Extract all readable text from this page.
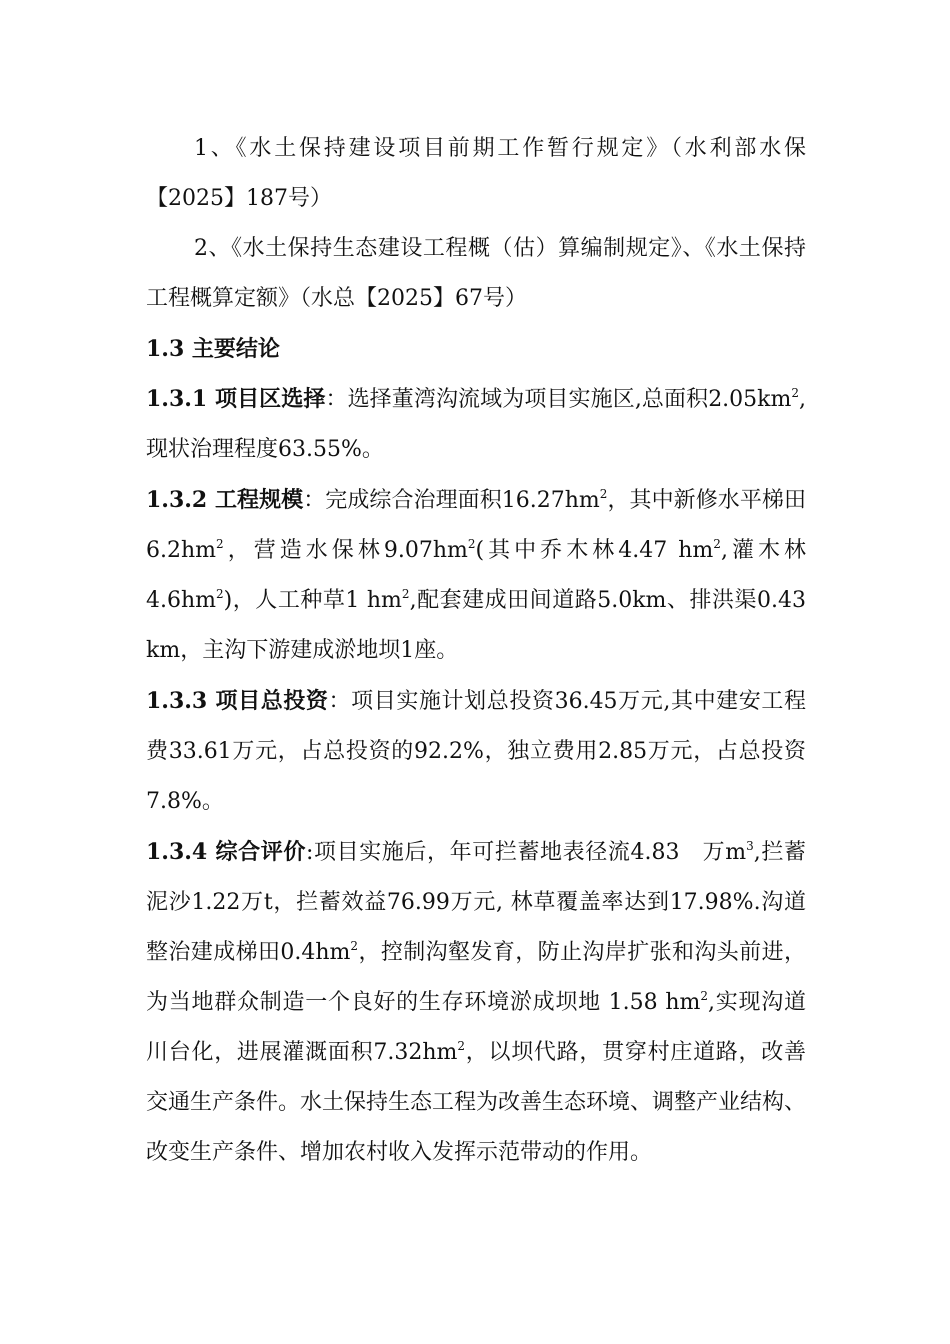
1、《水土保持建设项目前期工作暂行规定》（水利部水保【2025】187号）

2、《水土保持生态建设工程概（估）算编制规定》、《水土保持工程概算定额》（水总【2025】67号）

1.3 主要结论

1.3.1 项目区选择：选择董湾沟流域为项目实施区,总面积$2.05km^2$,现状治理程度63.55%。

1.3.2 工程规模：完成综合治理面积$16.27hm^2$，其中新修水平梯田$6.2hm^2$，营造水保林$9.07hm^2$(其中乔木林4.47 $hm^2$,灌木林$4.6hm^2$)，人工种草1 $hm^2$,配套建成田间道路5.0km、排洪渠0.43 km，主沟下游建成淤地坝1座。

1.3.3 项目总投资：项目实施计划总投资36.45万元,其中建安工程费33.61万元，占总投资的92.2%，独立费用2.85万元，占总投资7.8%。

1.3.4 综合评价:项目实施后，年可拦蓄地表径流4.83　万$m^3$,拦蓄泥沙1.22万t，拦蓄效益76.99万元, 林草覆盖率达到17.98%.沟道整治建成梯田$0.4hm^2$，控制沟壑发育，防止沟岸扩张和沟头前进，为当地群众制造一个良好的生存环境淤成坝地 1.58 $hm^2$,实现沟道川台化，进展灌溉面积$7.32hm^2$，以坝代路，贯穿村庄道路，改善交通生产条件。水土保持生态工程为改善生态环境、调整产业结构、改变生产条件、增加农村收入发挥示范带动的作用。
